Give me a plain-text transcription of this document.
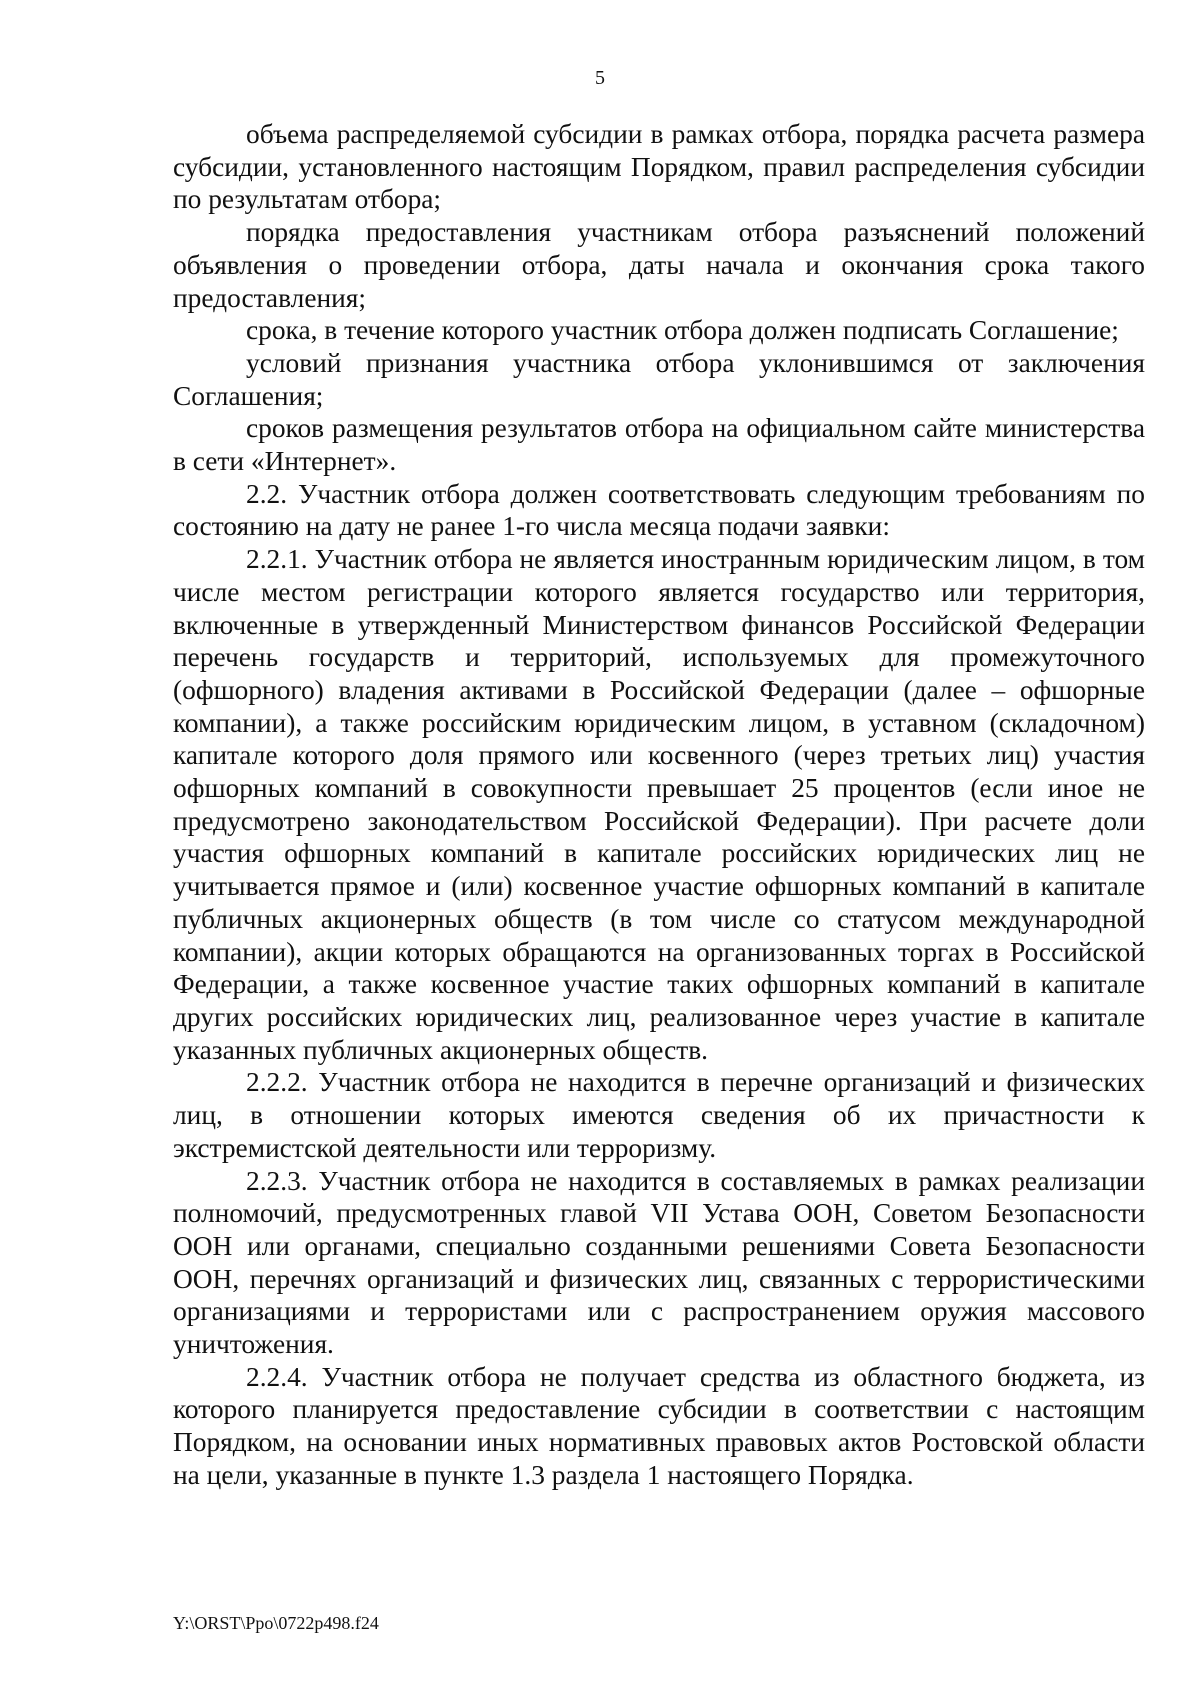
5

объема распределяемой субсидии в рамках отбора, порядка расчета размера субсидии, установленного настоящим Порядком, правил распределения субсидии по результатам отбора;

порядка предоставления участникам отбора разъяснений положений объявления о проведении отбора, даты начала и окончания срока такого предоставления;

срока, в течение которого участник отбора должен подписать Соглашение;

условий признания участника отбора уклонившимся от заключения Соглашения;

сроков размещения результатов отбора на официальном сайте министерства в сети «Интернет».

2.2. Участник отбора должен соответствовать следующим требованиям по состоянию на дату не ранее 1-го числа месяца подачи заявки:

2.2.1. Участник отбора не является иностранным юридическим лицом, в том числе местом регистрации которого является государство или территория, включенные в утвержденный Министерством финансов Российской Федерации перечень государств и территорий, используемых для промежуточного (офшорного) владения активами в Российской Федерации (далее – офшорные компании), а также российским юридическим лицом, в уставном (складочном) капитале которого доля прямого или косвенного (через третьих лиц) участия офшорных компаний в совокупности превышает 25 процентов (если иное не предусмотрено законодательством Российской Федерации). При расчете доли участия офшорных компаний в капитале российских юридических лиц не учитывается прямое и (или) косвенное участие офшорных компаний в капитале публичных акционерных обществ (в том числе со статусом международной компании), акции которых обращаются на организованных торгах в Российской Федерации, а также косвенное участие таких офшорных компаний в капитале других российских юридических лиц, реализованное через участие в капитале указанных публичных акционерных обществ.

2.2.2. Участник отбора не находится в перечне организаций и физических лиц, в отношении которых имеются сведения об их причастности к экстремистской деятельности или терроризму.

2.2.3. Участник отбора не находится в составляемых в рамках реализации полномочий, предусмотренных главой VII Устава ООН, Советом Безопасности ООН или органами, специально созданными решениями Совета Безопасности ООН, перечнях организаций и физических лиц, связанных с террористическими организациями и террористами или с распространением оружия массового уничтожения.

2.2.4. Участник отбора не получает средства из областного бюджета, из которого планируется предоставление субсидии в соответствии с настоящим Порядком, на основании иных нормативных правовых актов Ростовской области на цели, указанные в пункте 1.3 раздела 1 настоящего Порядка.

Y:\ORST\Ppo\0722p498.f24
